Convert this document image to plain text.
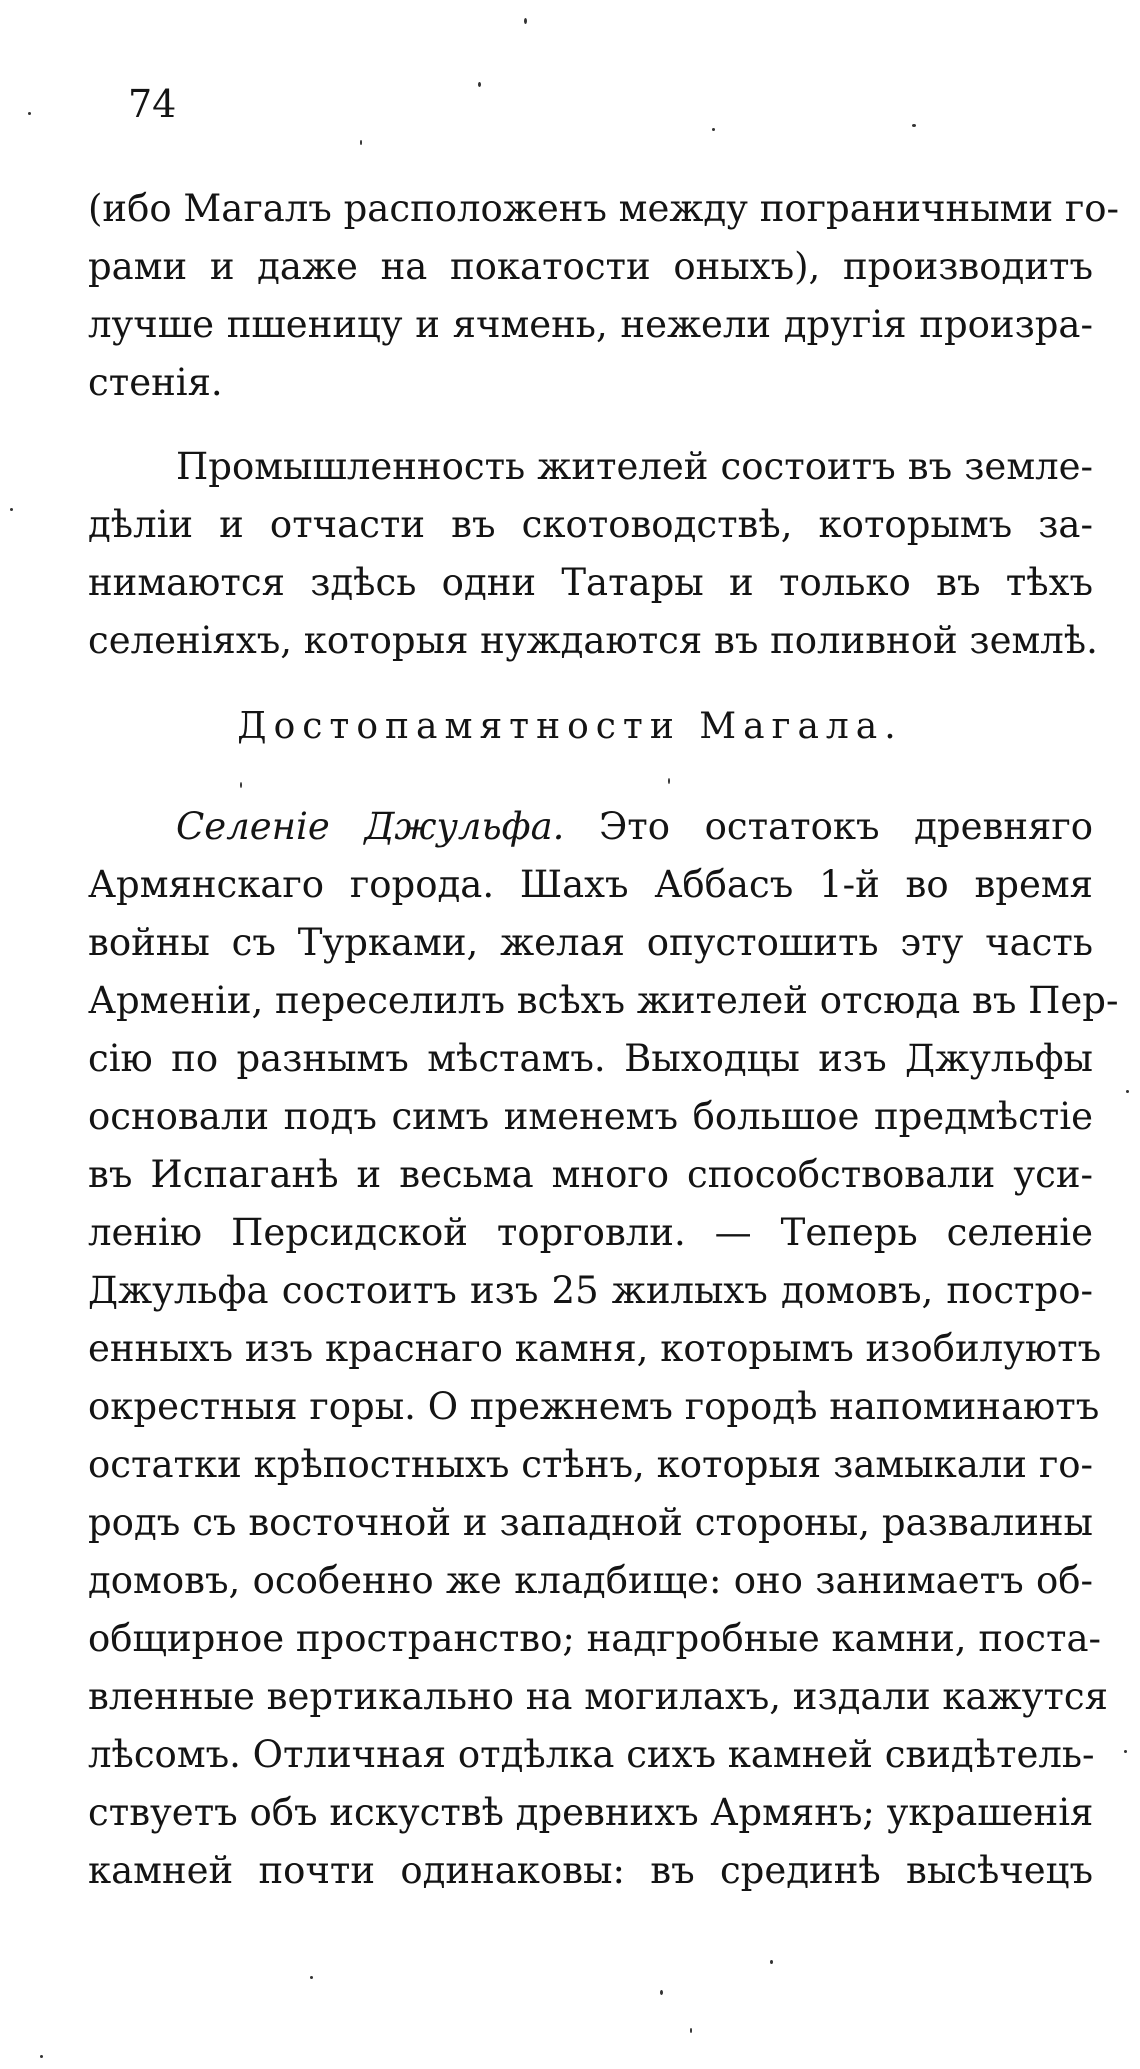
74
(ибо Магалъ расположенъ между пограничными го-
рами и даже на покатости оныхъ), производитъ
лучше пшеницу и ячмень, нежели другія произра-
стенія.
Промышленность жителей состоитъ въ земле-
дѣліи и отчасти въ скотоводствѣ, которымъ за-
нимаются здѣсь одни Татары и только въ тѣхъ
селеніяхъ, которыя нуждаются въ поливной землѣ.
Достопамятности Магала.
Селеніе Джульфа. Это остатокъ древняго
Армянскаго города. Шахъ Аббасъ 1-й во время
войны съ Турками, желая опустошить эту часть
Арменіи, переселилъ всѣхъ жителей отсюда въ Пер-
сію по разнымъ мѣстамъ. Выходцы изъ Джульфы
основали подъ симъ именемъ большое предмѣстіе
въ Испаганѣ и весьма много способствовали уси-
ленію Персидской торговли. — Теперь селеніе
Джульфа состоитъ изъ 25 жилыхъ домовъ, постро-
енныхъ изъ краснаго камня, которымъ изобилуютъ
окрестныя горы. О прежнемъ городѣ напоминаютъ
остатки крѣпостныхъ стѣнъ, которыя замыкали го-
родъ съ восточной и западной стороны, развалины
домовъ, особенно же кладбище: оно занимаетъ об-
общирное пространство; надгробные камни, поста-
вленные вертикально на могилахъ, издали кажутся
лѣсомъ. Отличная отдѣлка сихъ камней свидѣтель-
ствуетъ объ искуствѣ древнихъ Армянъ; украшенія
камней почти одинаковы: въ срединѣ высѣчецъ
